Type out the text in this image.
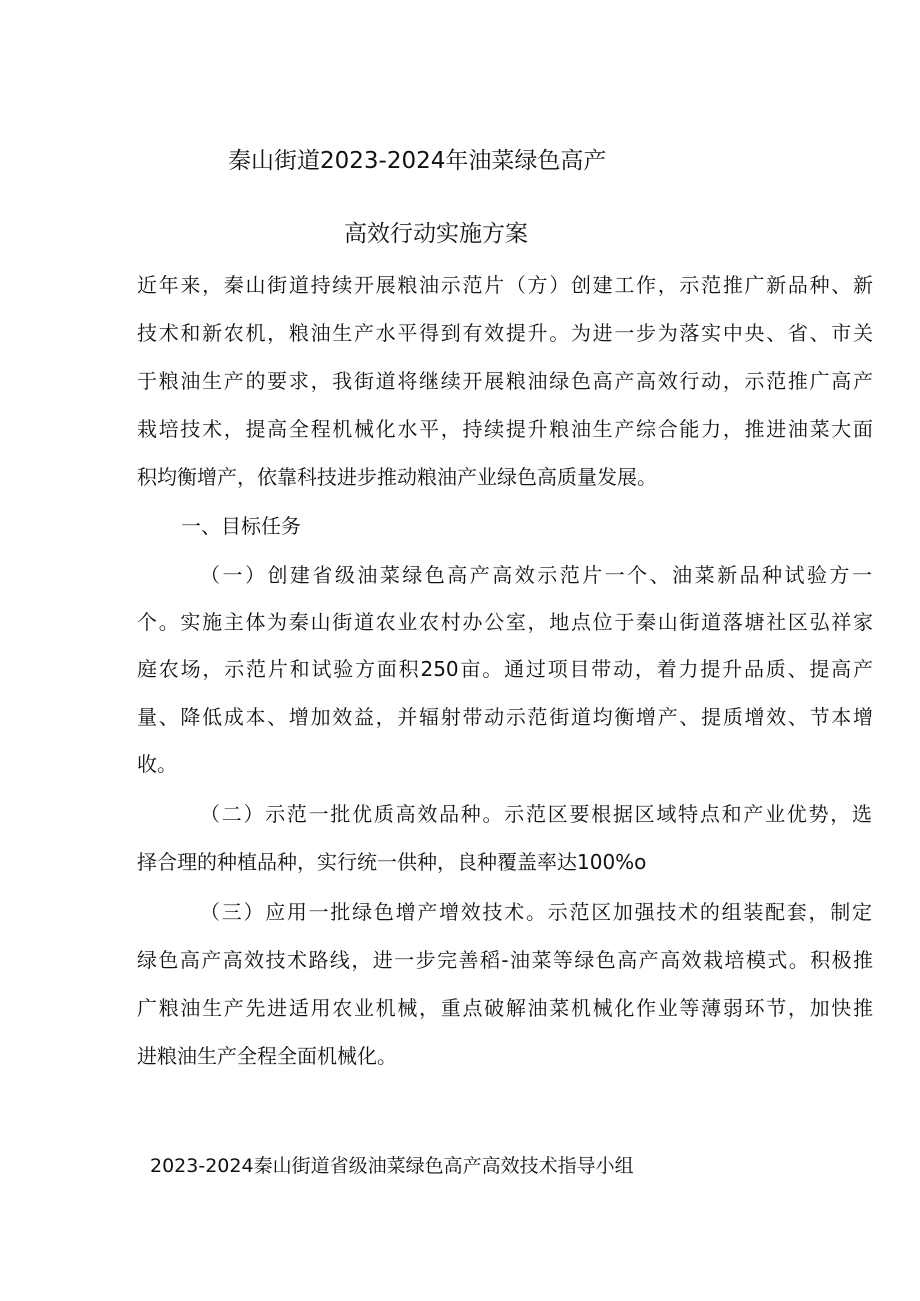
秦山街道2023-2024年油菜绿色高产
高效行动实施方案
近年来，秦山街道持续开展粮油示范片（方）创建工作，示范推广新品种、新
技术和新农机，粮油生产水平得到有效提升。为进一步为落实中央、省、市关
于粮油生产的要求，我街道将继续开展粮油绿色高产高效行动，示范推广高产
栽培技术，提高全程机械化水平，持续提升粮油生产综合能力，推进油菜大面
积均衡增产，依靠科技进步推动粮油产业绿色高质量发展。
一、目标任务
（一）创建省级油菜绿色高产高效示范片一个、油菜新品种试验方一
个。实施主体为秦山街道农业农村办公室，地点位于秦山街道落塘社区弘祥家
庭农场，示范片和试验方面积250亩。通过项目带动，着力提升品质、提高产
量、降低成本、增加效益，并辐射带动示范街道均衡增产、提质增效、节本增
收。
（二）示范一批优质高效品种。示范区要根据区域特点和产业优势，选
择合理的种植品种，实行统一供种，良种覆盖率达100%o
（三）应用一批绿色增产增效技术。示范区加强技术的组装配套，制定
绿色高产高效技术路线，进一步完善稻-油菜等绿色高产高效栽培模式。积极推
广粮油生产先进适用农业机械，重点破解油菜机械化作业等薄弱环节，加快推
进粮油生产全程全面机械化。
2023-2024秦山街道省级油菜绿色高产高效技术指导小组
